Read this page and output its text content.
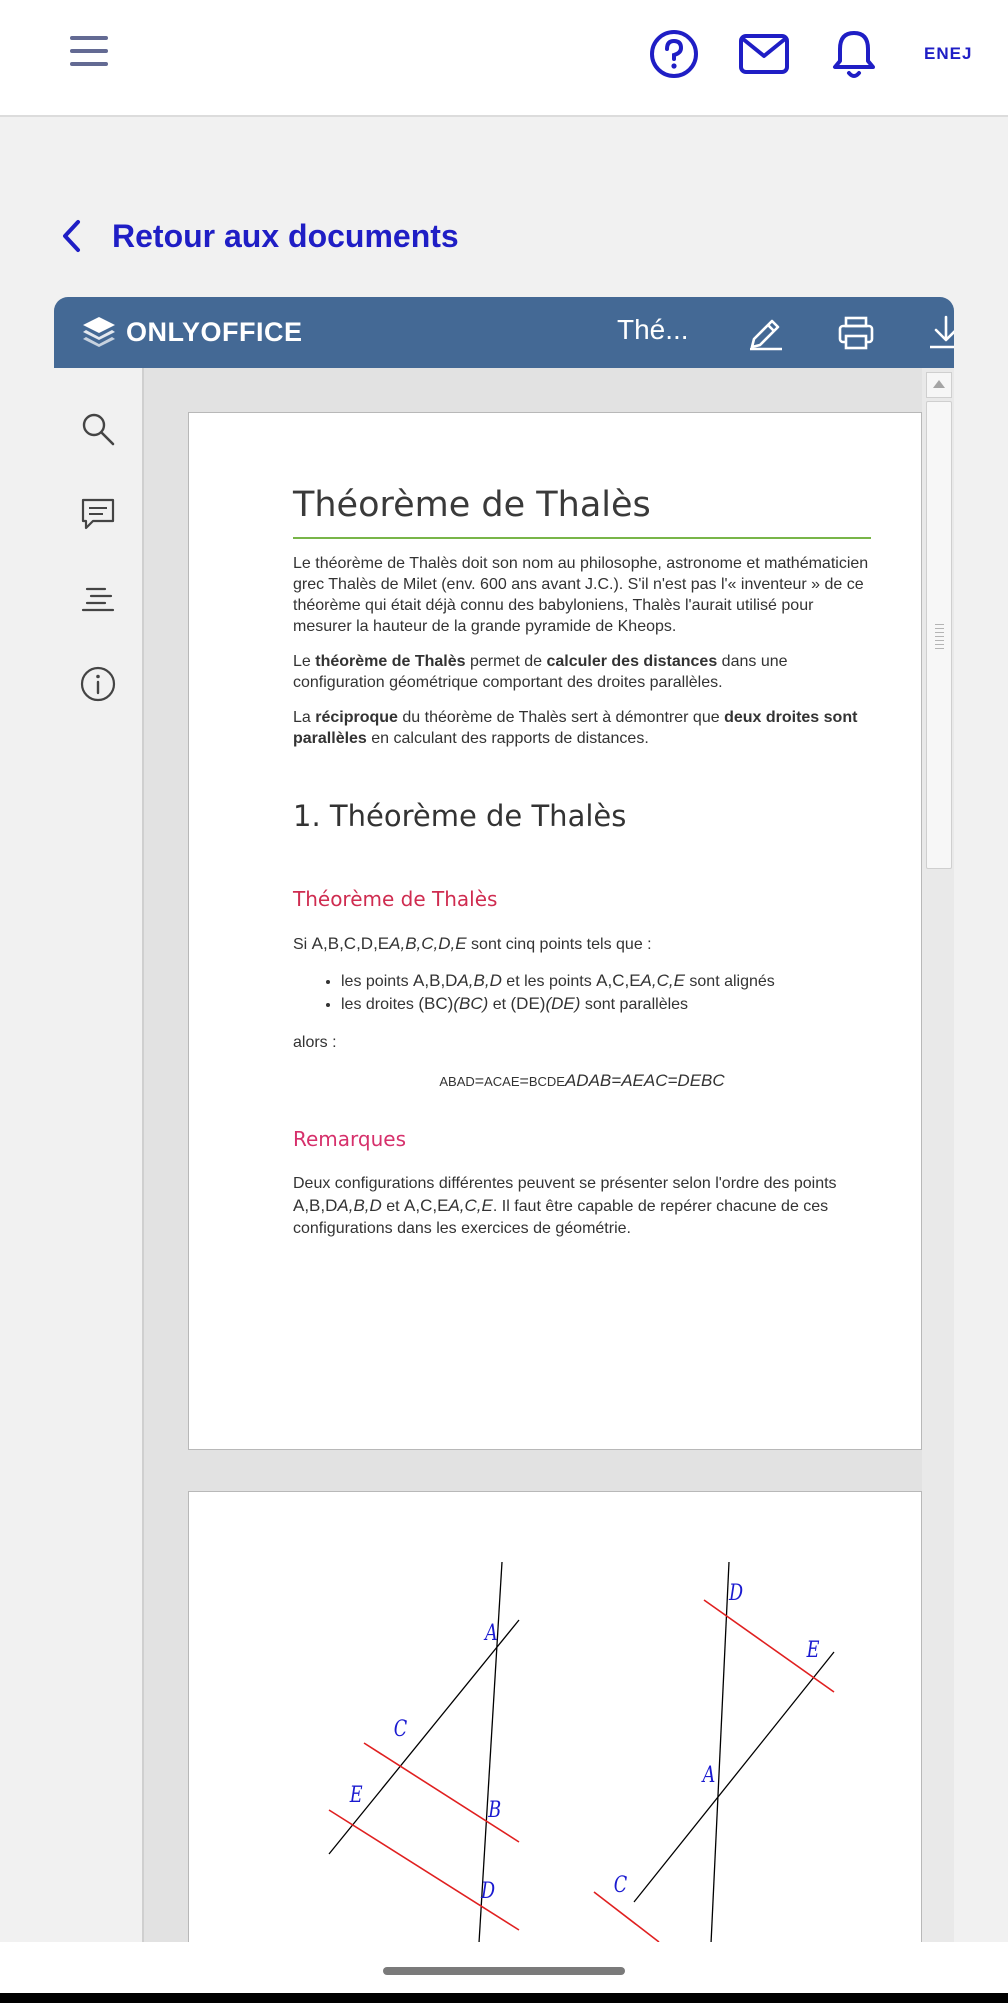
ENEJ
Retour aux documents
ONLYOFFICE	Thé...
Théorème de Thalès
Le théorème de Thalès doit son nom au philosophe, astronome et mathématicien grec Thalès de Milet (env. 600 ans avant J.C.). S'il n'est pas l'« inventeur » de ce théorème qui était déjà connu des babyloniens, Thalès l'aurait utilisé pour mesurer la hauteur de la grande pyramide de Kheops.
Le théorème de Thalès permet de calculer des distances dans une configuration géométrique comportant des droites parallèles.
La réciproque du théorème de Thalès sert à démontrer que deux droites sont parallèles en calculant des rapports de distances.
1. Théorème de Thalès
Théorème de Thalès
Si A,B,C,D,EA,B,C,D,E sont cinq points tels que :
• les points A,B,DA,B,D et les points A,C,EA,C,E sont alignés
• les droites (BC)(BC) et (DE)(DE) sont parallèles
alors :
ABAD=ACAE=BCDEADAB=AEAC=DEBC
Remarques
Deux configurations différentes peuvent se présenter selon l'ordre des points A,B,DA,B,D et A,C,EA,C,E. Il faut être capable de repérer chacune de ces configurations dans les exercices de géométrie.
A
C
B
E
D
D
E
A
C
